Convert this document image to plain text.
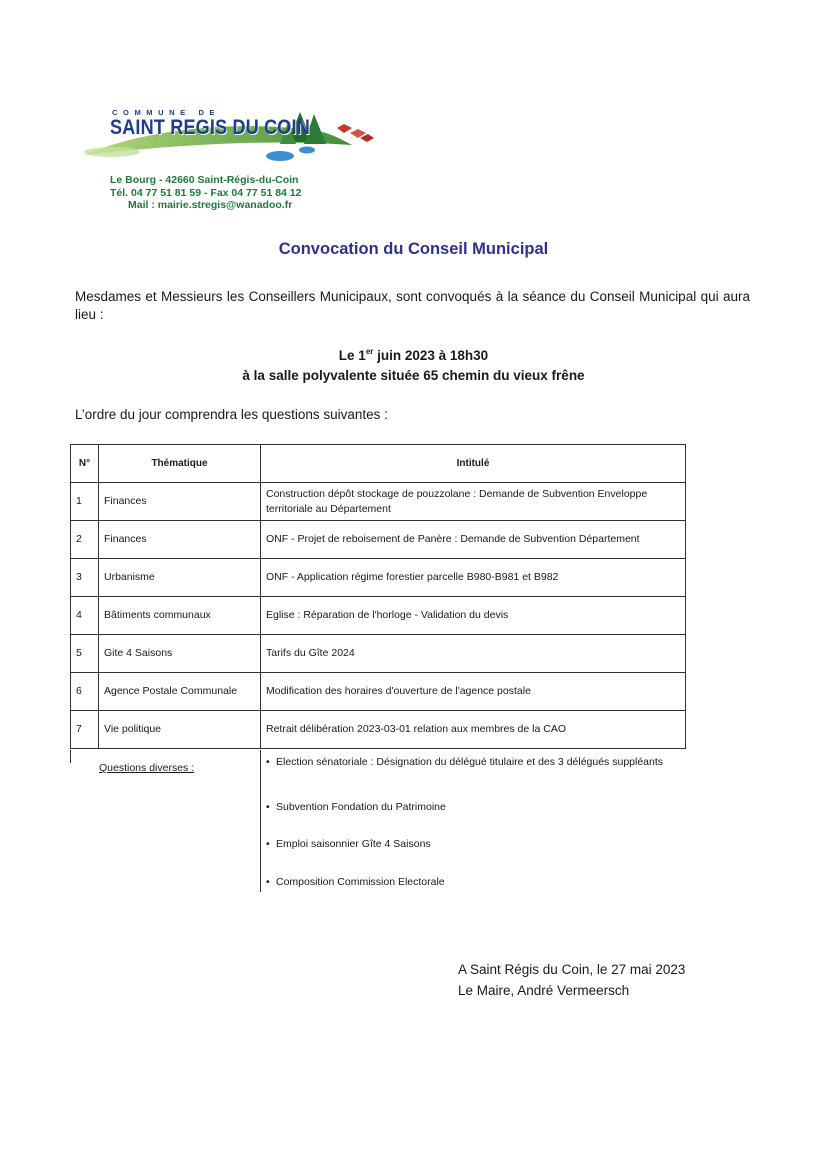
COMMUNE DE
SAINT REGIS DU COIN
Le Bourg - 42660 Saint-Régis-du-Coin
Tél. 04 77 51 81 59 - Fax 04 77 51 84 12
Mail : mairie.stregis@wanadoo.fr
Convocation du Conseil Municipal
Mesdames et Messieurs les Conseillers Municipaux, sont convoqués à la séance du Conseil Municipal qui aura lieu :
Le 1er juin 2023 à 18h30
à la salle polyvalente située 65 chemin du vieux frêne
L’ordre du jour comprendra les questions suivantes :
N°	Thématique	Intitulé
1	Finances	Construction dépôt stockage de pouzzolane : Demande de Subvention Enveloppe territoriale au Département
2	Finances	ONF - Projet de reboisement de Panère : Demande de Subvention Département
3	Urbanisme	ONF - Application régime forestier parcelle B980-B981 et B982
4	Bâtiments communaux	Eglise : Réparation de l'horloge - Validation du devis
5	Gite 4 Saisons	Tarifs du Gîte 2024
6	Agence Postale Communale	Modification des horaires d'ouverture de l'agence postale
7	Vie politique	Retrait délibération 2023-03-01 relation aux membres de la CAO
Questions diverses :	• Election sénatoriale : Désignation du délégué titulaire et des 3 délégués suppléants
• Subvention Fondation du Patrimoine
• Emploi saisonnier Gîte 4 Saisons
• Composition Commission Electorale
A Saint Régis du Coin, le 27 mai 2023
Le Maire, André Vermeersch
